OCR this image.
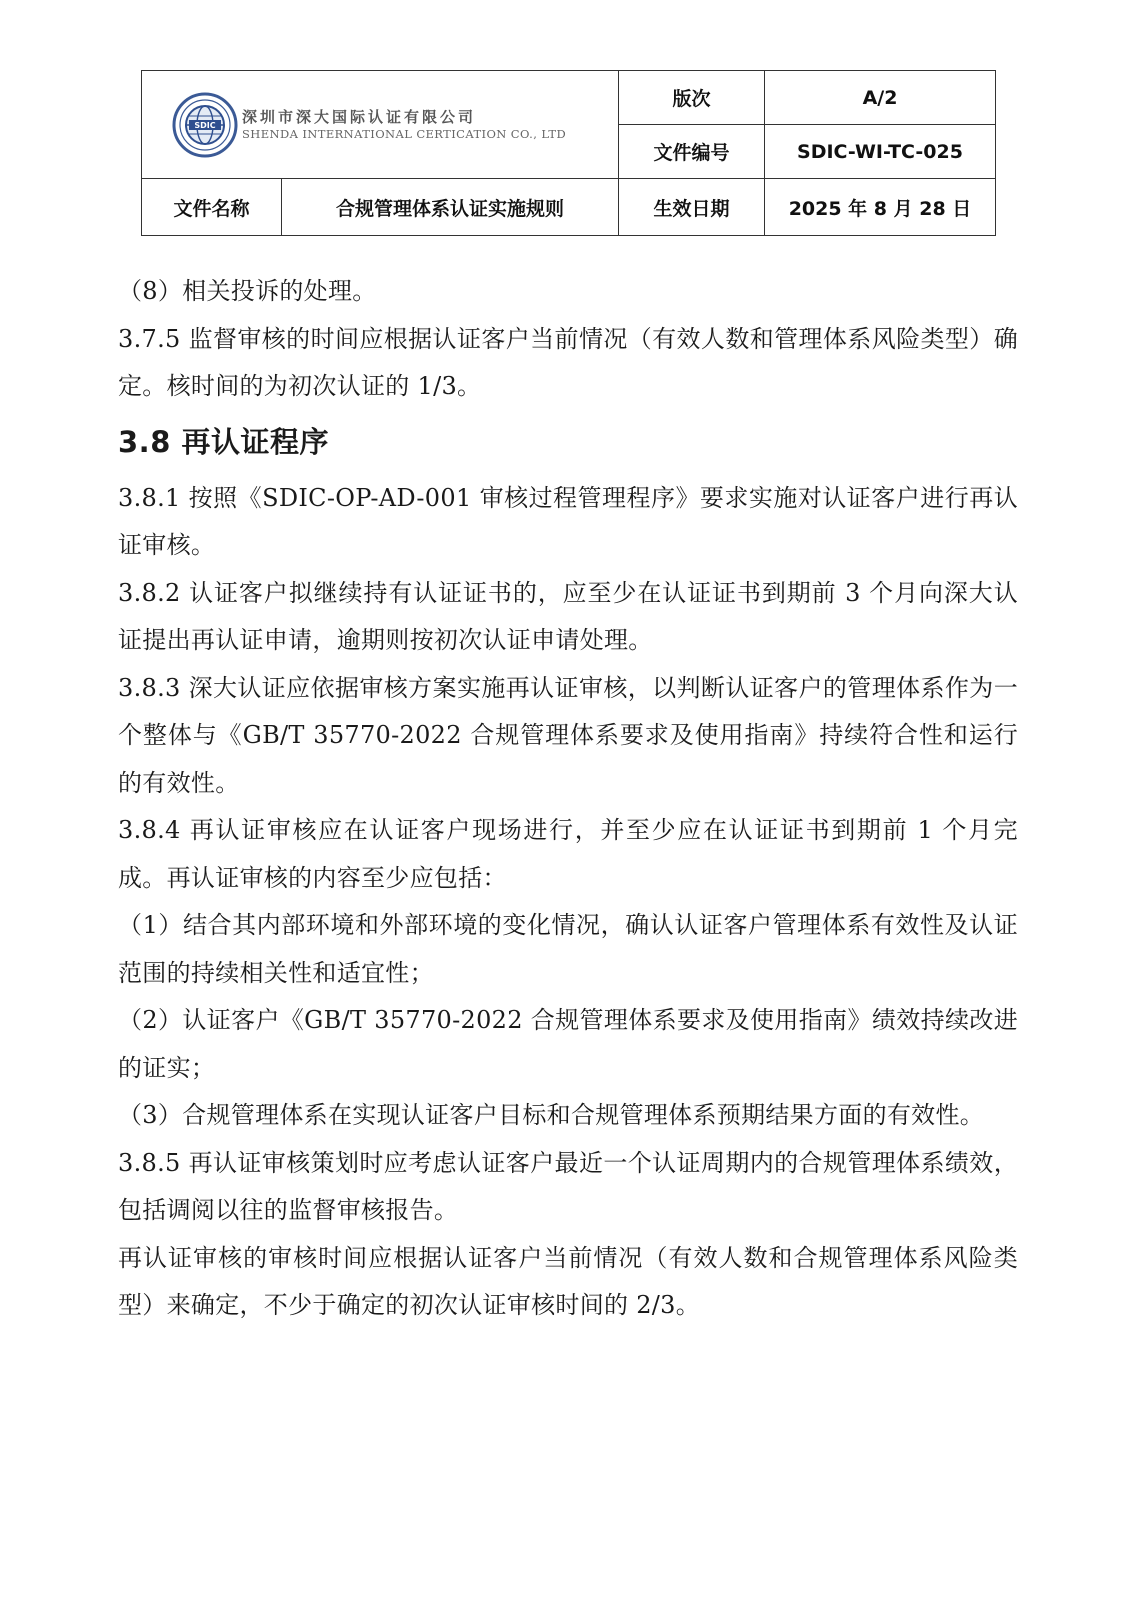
SDIC 深圳市深大国际认证有限公司
SHENDA INTERNATIONAL CERTICATION CO., LTD		版次	A/2
		文件编号	SDIC-WI-TC-025
文件名称	合规管理体系认证实施规则	生效日期	2025 年 8 月 28 日

（8）相关投诉的处理。

3.7.5 监督审核的时间应根据认证客户当前情况（有效人数和管理体系风险类型）确定。核时间的为初次认证的 1/3。

3.8 再认证程序

3.8.1 按照《SDIC-OP-AD-001 审核过程管理程序》要求实施对认证客户进行再认证审核。

3.8.2 认证客户拟继续持有认证证书的，应至少在认证证书到期前 3 个月向深大认证提出再认证申请，逾期则按初次认证申请处理。

3.8.3 深大认证应依据审核方案实施再认证审核，以判断认证客户的管理体系作为一个整体与《GB/T 35770-2022 合规管理体系要求及使用指南》持续符合性和运行的有效性。

3.8.4 再认证审核应在认证客户现场进行，并至少应在认证证书到期前 1 个月完成。再认证审核的内容至少应包括：

（1）结合其内部环境和外部环境的变化情况，确认认证客户管理体系有效性及认证范围的持续相关性和适宜性；

（2）认证客户《GB/T 35770-2022 合规管理体系要求及使用指南》绩效持续改进的证实；

（3）合规管理体系在实现认证客户目标和合规管理体系预期结果方面的有效性。

3.8.5 再认证审核策划时应考虑认证客户最近一个认证周期内的合规管理体系绩效，包括调阅以往的监督审核报告。

再认证审核的审核时间应根据认证客户当前情况（有效人数和合规管理体系风险类型）来确定，不少于确定的初次认证审核时间的 2/3。
